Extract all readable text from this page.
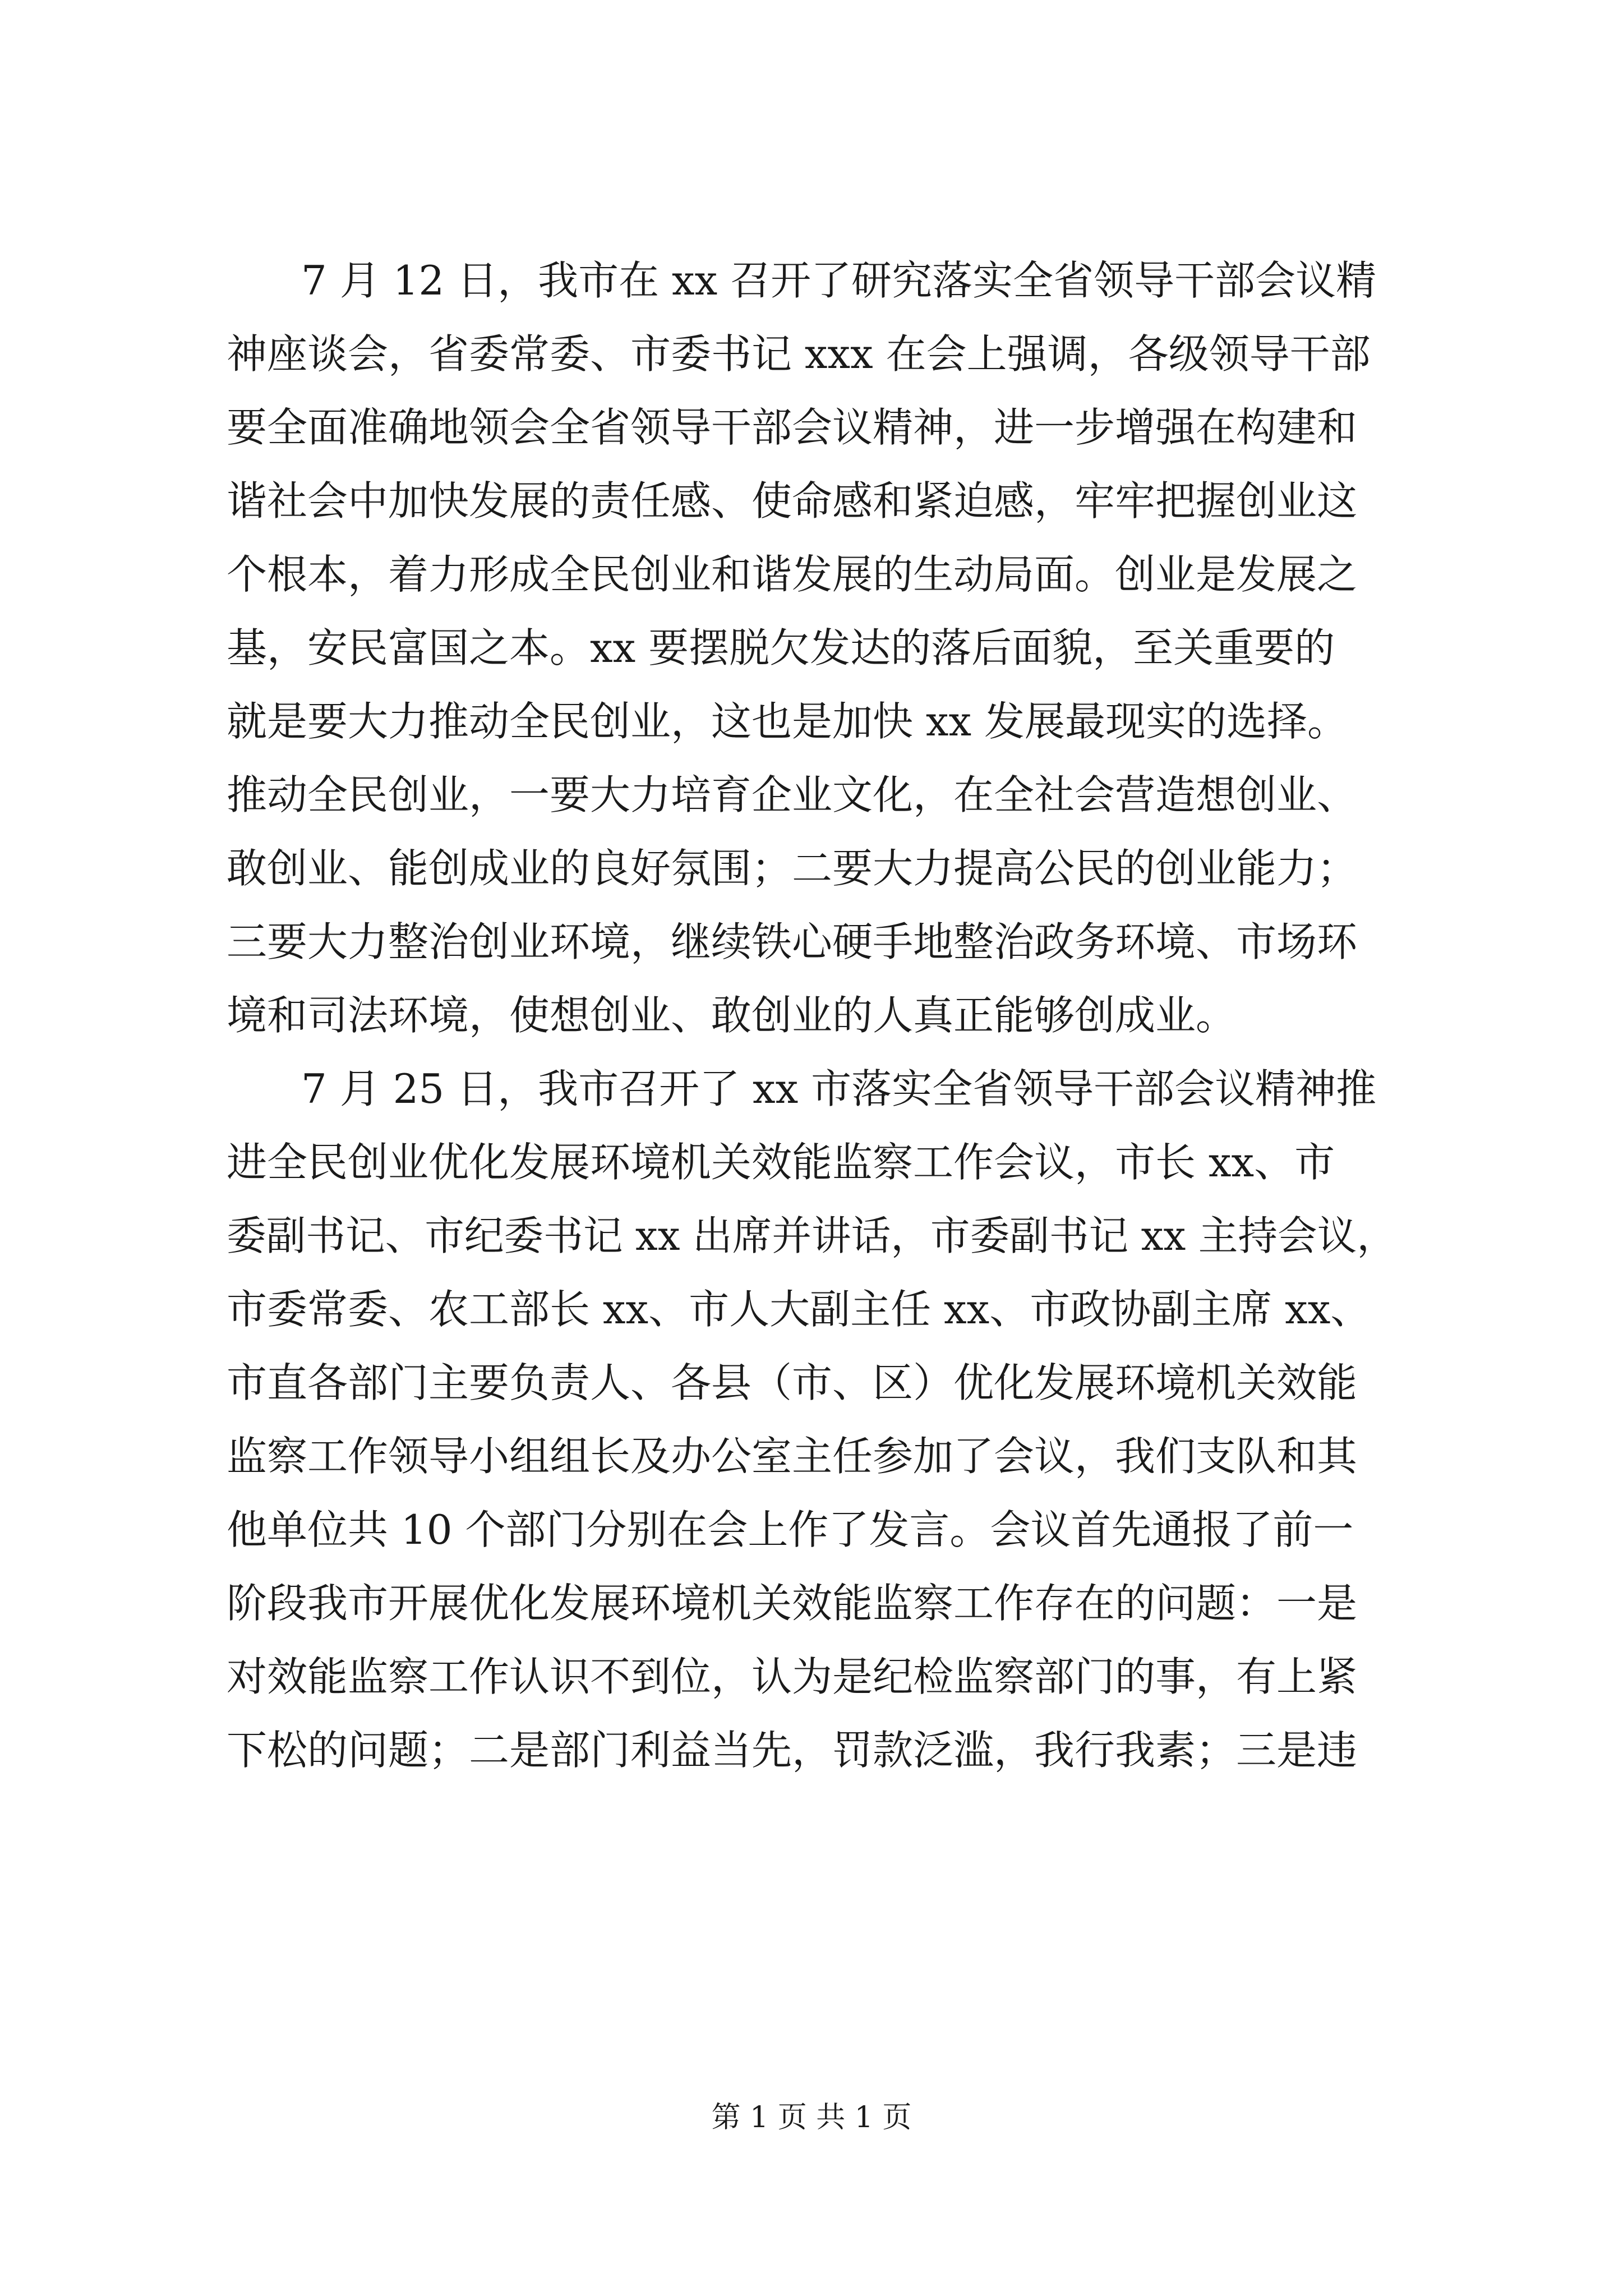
7 月 12 日，我市在 xx 召开了研究落实全省领导干部会议精
神座谈会，省委常委、市委书记 xxx 在会上强调，各级领导干部
要全面准确地领会全省领导干部会议精神，进一步增强在构建和
谐社会中加快发展的责任感、使命感和紧迫感，牢牢把握创业这
个根本，着力形成全民创业和谐发展的生动局面。创业是发展之
基，安民富国之本。xx 要摆脱欠发达的落后面貌，至关重要的
就是要大力推动全民创业，这也是加快 xx 发展最现实的选择。
推动全民创业，一要大力培育企业文化，在全社会营造想创业、
敢创业、能创成业的良好氛围；二要大力提高公民的创业能力；
三要大力整治创业环境，继续铁心硬手地整治政务环境、市场环
境和司法环境，使想创业、敢创业的人真正能够创成业。
7 月 25 日，我市召开了 xx 市落实全省领导干部会议精神推
进全民创业优化发展环境机关效能监察工作会议，市长 xx、市
委副书记、市纪委书记 xx 出席并讲话，市委副书记 xx 主持会议，
市委常委、农工部长 xx、市人大副主任 xx、市政协副主席 xx、
市直各部门主要负责人、各县（市、区）优化发展环境机关效能
监察工作领导小组组长及办公室主任参加了会议，我们支队和其
他单位共 10 个部门分别在会上作了发言。会议首先通报了前一
阶段我市开展优化发展环境机关效能监察工作存在的问题：一是
对效能监察工作认识不到位，认为是纪检监察部门的事，有上紧
下松的问题；二是部门利益当先，罚款泛滥，我行我素；三是违
第 1 页 共 1 页
